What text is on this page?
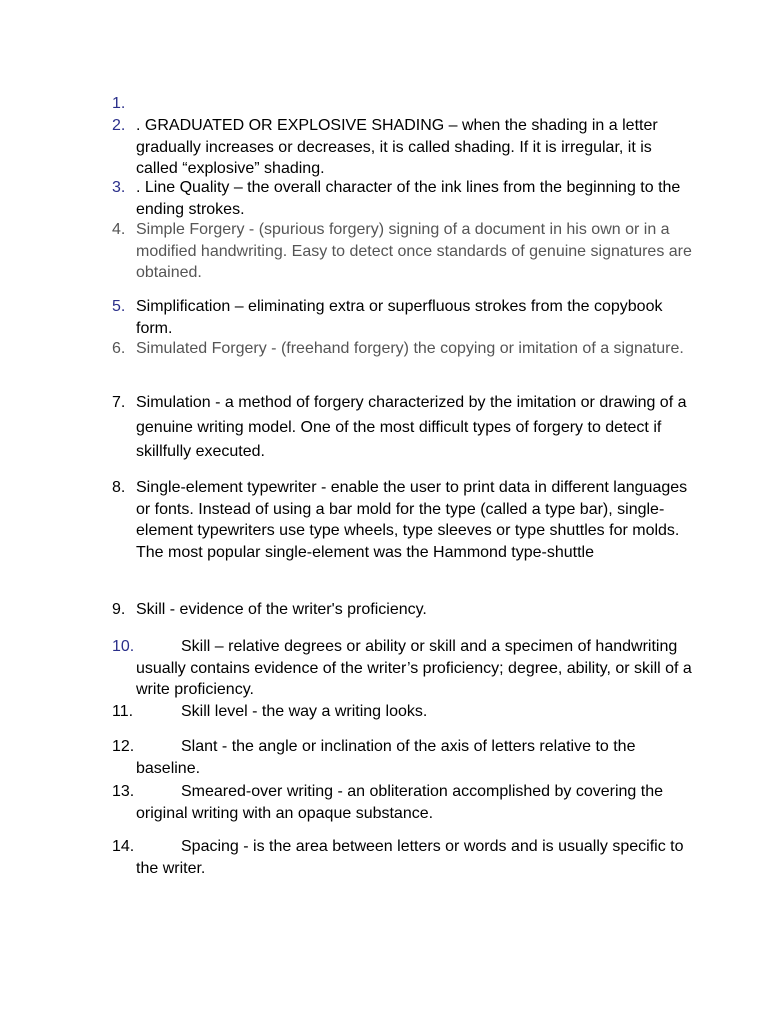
1.
2. . GRADUATED OR EXPLOSIVE SHADING – when the shading in a letter gradually increases or decreases, it is called shading. If it is irregular, it is called “explosive” shading.
3. . Line Quality – the overall character of the ink lines from the beginning to the ending strokes.
4. Simple Forgery - (spurious forgery) signing of a document in his own or in a modified handwriting. Easy to detect once standards of genuine signatures are obtained.
5. Simplification – eliminating extra or superfluous strokes from the copybook form.
6. Simulated Forgery - (freehand forgery) the copying or imitation of a signature.
7. Simulation - a method of forgery characterized by the imitation or drawing of a genuine writing model. One of the most difficult types of forgery to detect if skillfully executed.
8. Single-element typewriter - enable the user to print data in different languages or fonts. Instead of using a bar mold for the type (called a type bar), single-element typewriters use type wheels, type sleeves or type shuttles for molds. The most popular single-element was the Hammond type-shuttle
9. Skill - evidence of the writer's proficiency.
10.	Skill – relative degrees or ability or skill and a specimen of handwriting usually contains evidence of the writer’s proficiency; degree, ability, or skill of a write proficiency.
11.	Skill level - the way a writing looks.
12.	Slant - the angle or inclination of the axis of letters relative to the baseline.
13.	Smeared-over writing - an obliteration accomplished by covering the original writing with an opaque substance.
14.	Spacing - is the area between letters or words and is usually specific to the writer.
